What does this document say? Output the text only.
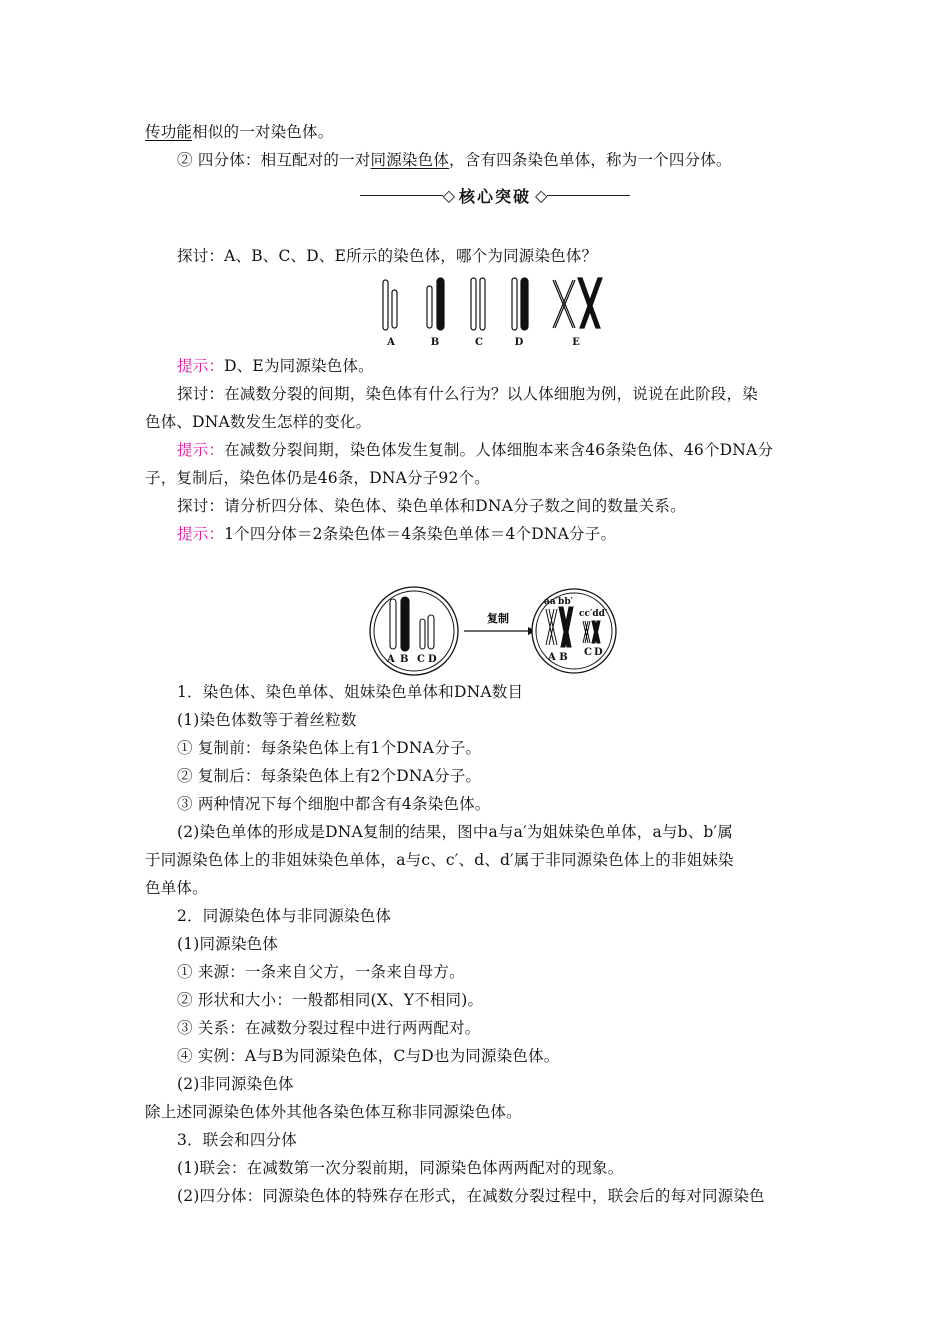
传功能相似的一对染色体。
② 四分体：相互配对的一对同源染色体，含有四条染色单体，称为一个四分体。
◇ 核心突破 ◇
探讨：A、B、C、D、E所示的染色体，哪个为同源染色体？
A	B	C	D	E
提示：D、E为同源染色体。
探讨：在减数分裂的间期，染色体有什么行为？以人体细胞为例，说说在此阶段，染
色体、DNA数发生怎样的变化。
提示：在减数分裂间期，染色体发生复制。人体细胞本来含46条染色体、46个DNA分
子，复制后，染色体仍是46条，DNA分子92个。
探讨：请分析四分体、染色体、染色单体和DNA分子数之间的数量关系。
提示：1个四分体＝2条染色体＝4条染色单体＝4个DNA分子。
A B C D
复制
aa′bb′
cc′dd′
A B C D
1．染色体、染色单体、姐妹染色单体和DNA数目
(1)染色体数等于着丝粒数
① 复制前：每条染色体上有1个DNA分子。
② 复制后：每条染色体上有2个DNA分子。
③ 两种情况下每个细胞中都含有4条染色体。
(2)染色单体的形成是DNA复制的结果，图中a与a′为姐妹染色单体，a与b、b′属
于同源染色体上的非姐妹染色单体，a与c、c′、d、d′属于非同源染色体上的非姐妹染
色单体。
2．同源染色体与非同源染色体
(1)同源染色体
① 来源：一条来自父方，一条来自母方。
② 形状和大小：一般都相同(X、Y不相同)。
③ 关系：在减数分裂过程中进行两两配对。
④ 实例：A与B为同源染色体，C与D也为同源染色体。
(2)非同源染色体
除上述同源染色体外其他各染色体互称非同源染色体。
3．联会和四分体
(1)联会：在减数第一次分裂前期，同源染色体两两配对的现象。
(2)四分体：同源染色体的特殊存在形式，在减数分裂过程中，联会后的每对同源染色
